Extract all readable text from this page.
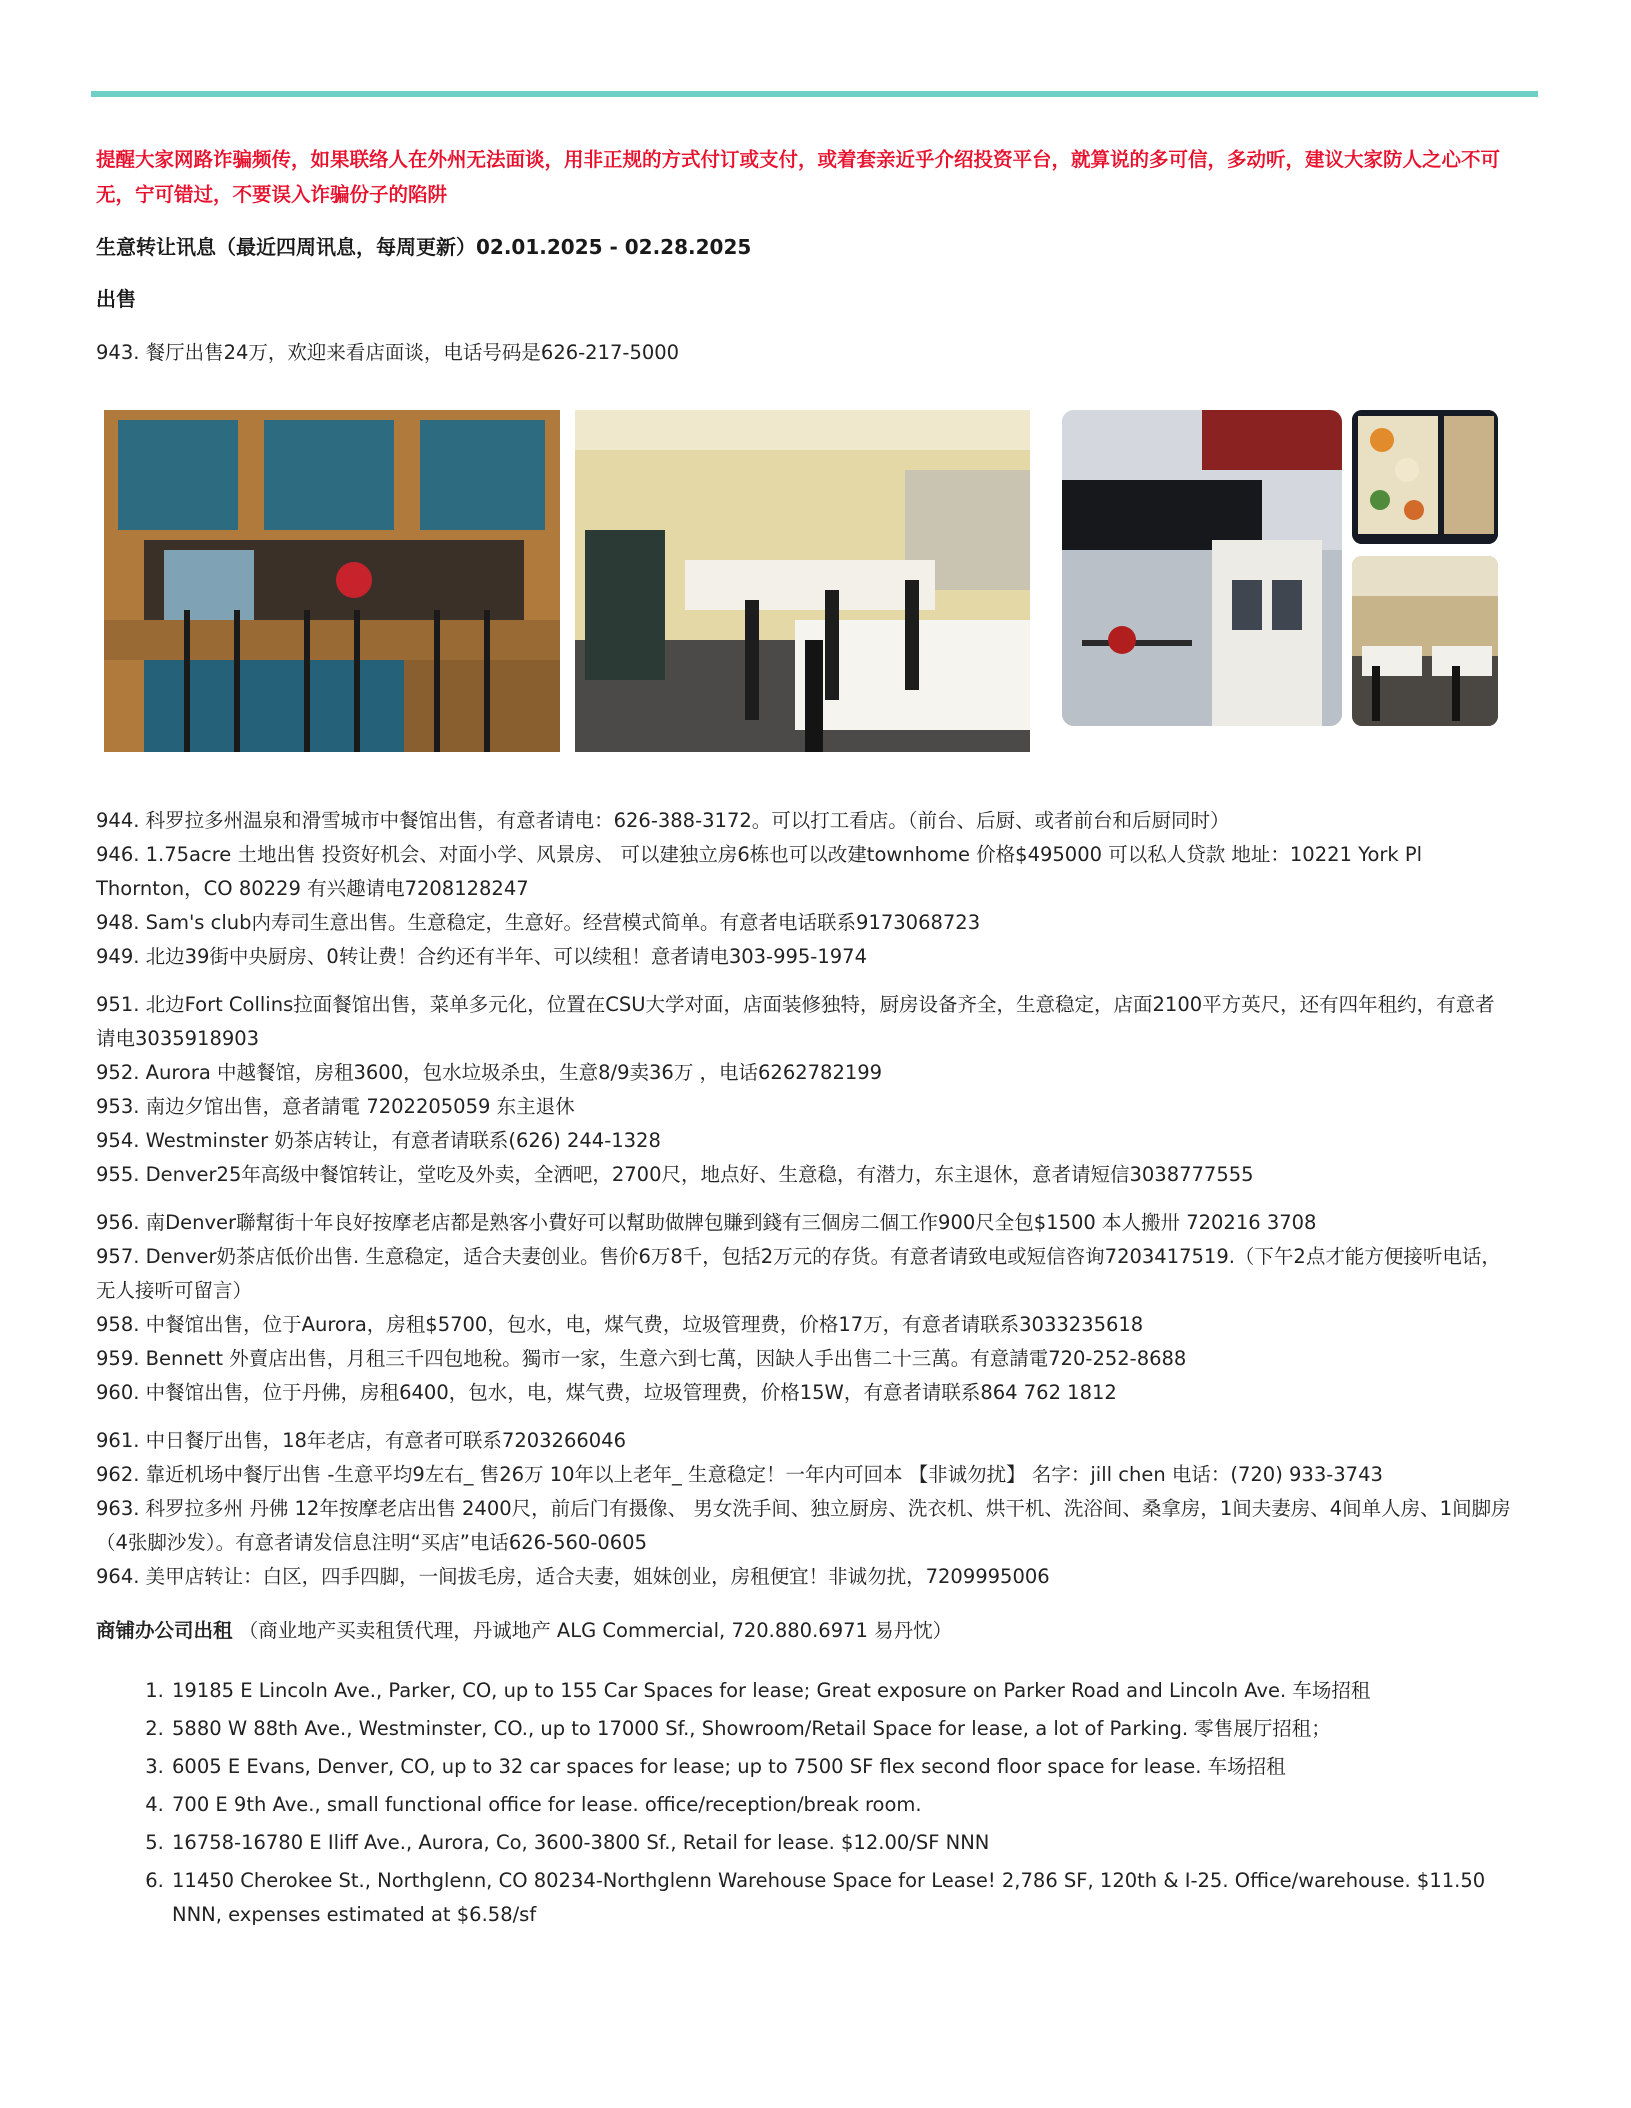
提醒大家网路诈骗频传，如果联络人在外州无法面谈，用非正规的方式付订或支付，或着套亲近乎介绍投资平台，就算说的多可信，多动听，建议大家防人之心不可无，宁可错过，不要误入诈骗份子的陷阱

生意转让讯息（最近四周讯息，每周更新）02.01.2025 - 02.28.2025

出售

943. 餐厅出售24万，欢迎来看店面谈，电话号码是626-217-5000

944. 科罗拉多州温泉和滑雪城市中餐馆出售，有意者请电：626-388-3172。可以打工看店。（前台、后厨、或者前台和后厨同时）

946. 1.75acre 土地出售 投资好机会、对面小学、风景房、 可以建独立房6栋也可以改建townhome 价格$495000 可以私人贷款 地址：10221 York Pl Thornton，CO 80229 有兴趣请电7208128247

948. Sam's club内寿司生意出售。生意稳定，生意好。经营模式简单。有意者电话联系9173068723

949. 北边39街中央厨房、0转让费！合约还有半年、可以续租！意者请电303-995-1974

951. 北边Fort Collins拉面餐馆出售，菜单多元化，位置在CSU大学对面，店面装修独特，厨房设备齐全，生意稳定，店面2100平方英尺，还有四年租约，有意者请电3035918903

952. Aurora 中越餐馆，房租3600，包水垃圾杀虫，生意8/9卖36万 ，电话6262782199

953. 南边夕馆出售，意者請電 7202205059 东主退休

954. Westminster 奶茶店转让，有意者请联系(626) 244-1328

955. Denver25年高级中餐馆转让，堂吃及外卖，全洒吧，2700尺，地点好、生意稳，有潜力，东主退休，意者请短信3038777555

956. 南Denver聯幫街十年良好按摩老店都是熟客小費好可以幫助做牌包賺到錢有三個房二個工作900尺全包$1500 本人搬卅 720216 3708

957. Denver奶茶店低价出售. 生意稳定，适合夫妻创业。售价6万8千，包括2万元的存货。有意者请致电或短信咨询7203417519.（下午2点才能方便接听电话，无人接听可留言）

958. 中餐馆出售，位于Aurora，房租$5700，包水，电，煤气费，垃圾管理费，价格17万，有意者请联系3033235618

959. Bennett 外賣店出售，月租三千四包地稅。獨市一家，生意六到七萬，因缺人手出售二十三萬。有意請電720-252-8688

960. 中餐馆出售，位于丹佛，房租6400，包水，电，煤气费，垃圾管理费，价格15W，有意者请联系864 762 1812

961. 中日餐厅出售，18年老店，有意者可联系7203266046

962. 靠近机场中餐厅出售 -生意平均9左右_ 售26万 10年以上老年_ 生意稳定！一年内可回本 【非诚勿扰】 名字：jill chen 电话：(720) 933-3743

963. 科罗拉多州 丹佛 12年按摩老店出售 2400尺，前后门有摄像、 男女洗手间、独立厨房、洗衣机、烘干机、洗浴间、桑拿房，1间夫妻房、4间单人房、1间脚房（4张脚沙发）。有意者请发信息注明“买店”电话626-560-0605

964. 美甲店转让：白区，四手四脚，一间拔毛房，适合夫妻，姐妹创业，房租便宜！非诚勿扰，7209995006

商铺办公司出租 （商业地产买卖租赁代理，丹诚地产 ALG Commercial, 720.880.6971 易丹忱）

1. 19185 E Lincoln Ave., Parker, CO, up to 155 Car Spaces for lease; Great exposure on Parker Road and Lincoln Ave. 车场招租
2. 5880 W 88th Ave., Westminster, CO., up to 17000 Sf., Showroom/Retail Space for lease, a lot of Parking. 零售展厅招租；
3. 6005 E Evans, Denver, CO, up to 32 car spaces for lease; up to 7500 SF flex second floor space for lease. 车场招租
4. 700 E 9th Ave., small functional office for lease. office/reception/break room.
5. 16758-16780 E Iliff Ave., Aurora, Co, 3600-3800 Sf., Retail for lease. $12.00/SF NNN
6. 11450 Cherokee St., Northglenn, CO 80234-Northglenn Warehouse Space for Lease! 2,786 SF, 120th & I-25. Office/warehouse. $11.50 NNN, expenses estimated at $6.58/sf
